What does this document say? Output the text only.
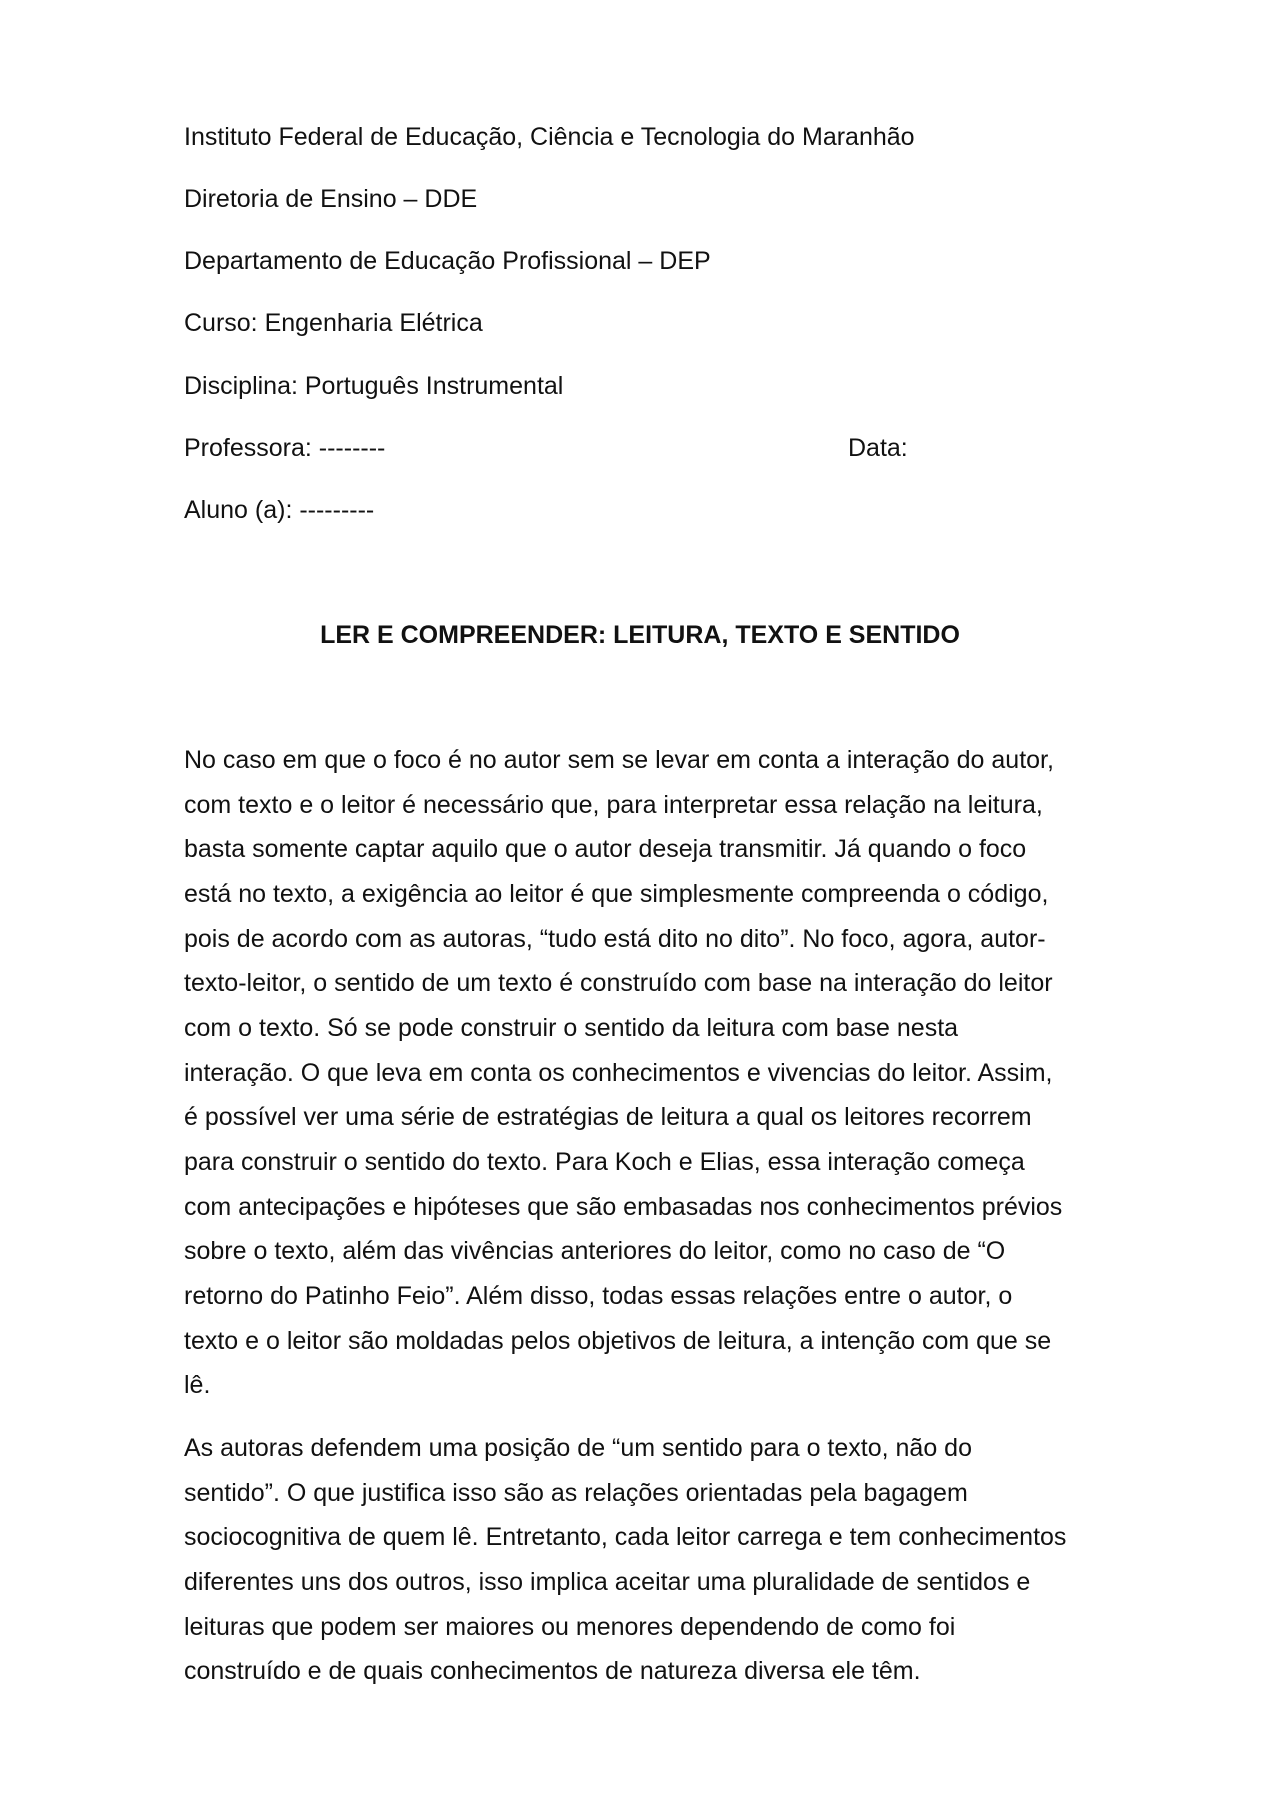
Instituto Federal de Educação, Ciência e Tecnologia do Maranhão
Diretoria de Ensino – DDE
Departamento de Educação Profissional – DEP
Curso: Engenharia Elétrica
Disciplina: Português Instrumental
Professora: --------	Data:
Aluno (a): ---------
LER E COMPREENDER: LEITURA, TEXTO E SENTIDO
No caso em que o foco é no autor sem se levar em conta a interação do autor,
com texto e o leitor é necessário que, para interpretar essa relação na leitura,
basta somente captar aquilo que o autor deseja transmitir. Já quando o foco
está no texto, a exigência ao leitor é que simplesmente compreenda o código,
pois de acordo com as autoras, “tudo está dito no dito”. No foco, agora, autor-
texto-leitor, o sentido de um texto é construído com base na interação do leitor
com o texto. Só se pode construir o sentido da leitura com base nesta
interação. O que leva em conta os conhecimentos e vivencias do leitor. Assim,
é possível ver uma série de estratégias de leitura a qual os leitores recorrem
para construir o sentido do texto. Para Koch e Elias, essa interação começa
com antecipações e hipóteses que são embasadas nos conhecimentos prévios
sobre o texto, além das vivências anteriores do leitor, como no caso de “O
retorno do Patinho Feio”. Além disso, todas essas relações entre o autor, o
texto e o leitor são moldadas pelos objetivos de leitura, a intenção com que se
lê.
As autoras defendem uma posição de “um sentido para o texto, não do
sentido”. O que justifica isso são as relações orientadas pela bagagem
sociocognitiva de quem lê. Entretanto, cada leitor carrega e tem conhecimentos
diferentes uns dos outros, isso implica aceitar uma pluralidade de sentidos e
leituras que podem ser maiores ou menores dependendo de como foi
construído e de quais conhecimentos de natureza diversa ele têm.
